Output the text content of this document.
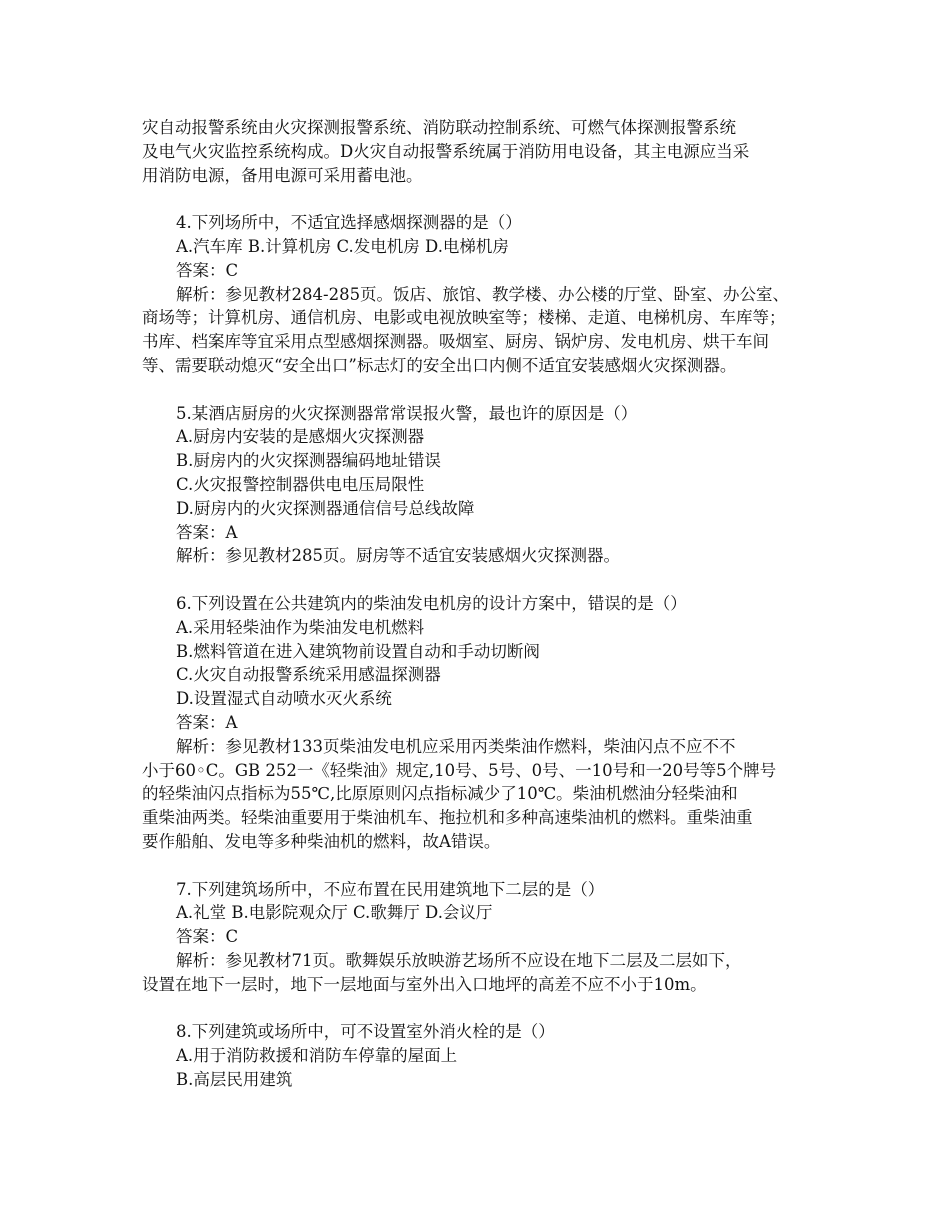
灾自动报警系统由火灾探测报警系统、消防联动控制系统、可燃气体探测报警系统
及电气火灾监控系统构成。D火灾自动报警系统属于消防用电设备，其主电源应当采
用消防电源，备用电源可采用蓄电池。
4.下列场所中，不适宜选择感烟探测器的是（）
A.汽车库 B.计算机房 C.发电机房 D.电梯机房
答案：C
解析：参见教材284-285页。饭店、旅馆、教学楼、办公楼的厅堂、卧室、办公室、
商场等；计算机房、通信机房、电影或电视放映室等；楼梯、走道、电梯机房、车库等；
书库、档案库等宜采用点型感烟探测器。吸烟室、厨房、锅炉房、发电机房、烘干车间
等、需要联动熄灭“安全出口”标志灯的安全出口内侧不适宜安装感烟火灾探测器。
5.某酒店厨房的火灾探测器常常误报火警，最也许的原因是（）
A.厨房内安装的是感烟火灾探测器
B.厨房内的火灾探测器编码地址错误
C.火灾报警控制器供电电压局限性
D.厨房内的火灾探测器通信信号总线故障
答案：A
解析：参见教材285页。厨房等不适宜安装感烟火灾探测器。
6.下列设置在公共建筑内的柴油发电机房的设计方案中，错误的是（）
A.采用轻柴油作为柴油发电机燃料
B.燃料管道在进入建筑物前设置自动和手动切断阀
C.火灾自动报警系统采用感温探测器
D.设置湿式自动喷水灭火系统
答案：A
解析：参见教材133页柴油发电机应采用丙类柴油作燃料，柴油闪点不应不不
小于60◦C。GB 252一《轻柴油》规定,10号、5号、0号、一10号和一20号等5个牌号
的轻柴油闪点指标为55℃,比原原则闪点指标减少了10℃。柴油机燃油分轻柴油和
重柴油两类。轻柴油重要用于柴油机车、拖拉机和多种高速柴油机的燃料。重柴油重
要作船舶、发电等多种柴油机的燃料，故A错误。
7.下列建筑场所中，不应布置在民用建筑地下二层的是（）
A.礼堂 B.电影院观众厅 C.歌舞厅 D.会议厅
答案：C
解析：参见教材71页。歌舞娱乐放映游艺场所不应设在地下二层及二层如下，
设置在地下一层时，地下一层地面与室外出入口地坪的高差不应不小于10m。
8.下列建筑或场所中，可不设置室外消火栓的是（）
A.用于消防救援和消防车停靠的屋面上
B.高层民用建筑
